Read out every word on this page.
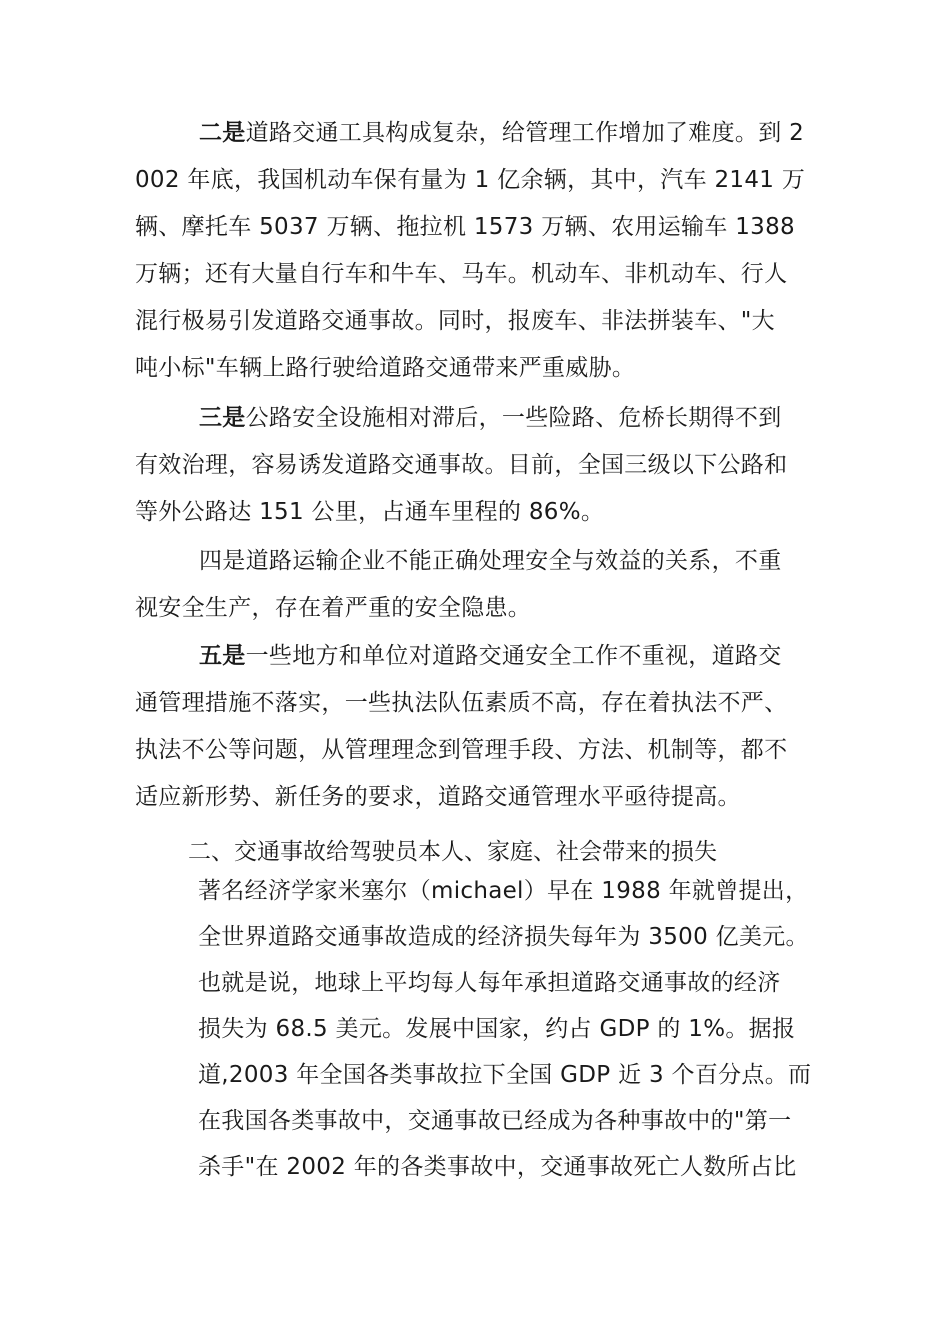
二是道路交通工具构成复杂，给管理工作增加了难度。到 2
002 年底，我国机动车保有量为 1 亿余辆，其中，汽车 2141 万
辆、摩托车 5037 万辆、拖拉机 1573 万辆、农用运输车 1388
万辆；还有大量自行车和牛车、马车。机动车、非机动车、行人
混行极易引发道路交通事故。同时，报废车、非法拼装车、"大
吨小标"车辆上路行驶给道路交通带来严重威胁。
三是公路安全设施相对滞后，一些险路、危桥长期得不到
有效治理，容易诱发道路交通事故。目前，全国三级以下公路和
等外公路达 151 公里，占通车里程的 86%。
四是道路运输企业不能正确处理安全与效益的关系，不重
视安全生产，存在着严重的安全隐患。
五是一些地方和单位对道路交通安全工作不重视，道路交
通管理措施不落实，一些执法队伍素质不高，存在着执法不严、
执法不公等问题，从管理理念到管理手段、方法、机制等，都不
适应新形势、新任务的要求，道路交通管理水平亟待提高。
二、交通事故给驾驶员本人、家庭、社会带来的损失
著名经济学家米塞尔（michael）早在 1988 年就曾提出，
全世界道路交通事故造成的经济损失每年为 3500 亿美元。
也就是说，地球上平均每人每年承担道路交通事故的经济
损失为 68.5 美元。发展中国家，约占 GDP 的 1%。据报
道,2003 年全国各类事故拉下全国 GDP 近 3 个百分点。而
在我国各类事故中，交通事故已经成为各种事故中的"第一
杀手"在 2002 年的各类事故中，交通事故死亡人数所占比
